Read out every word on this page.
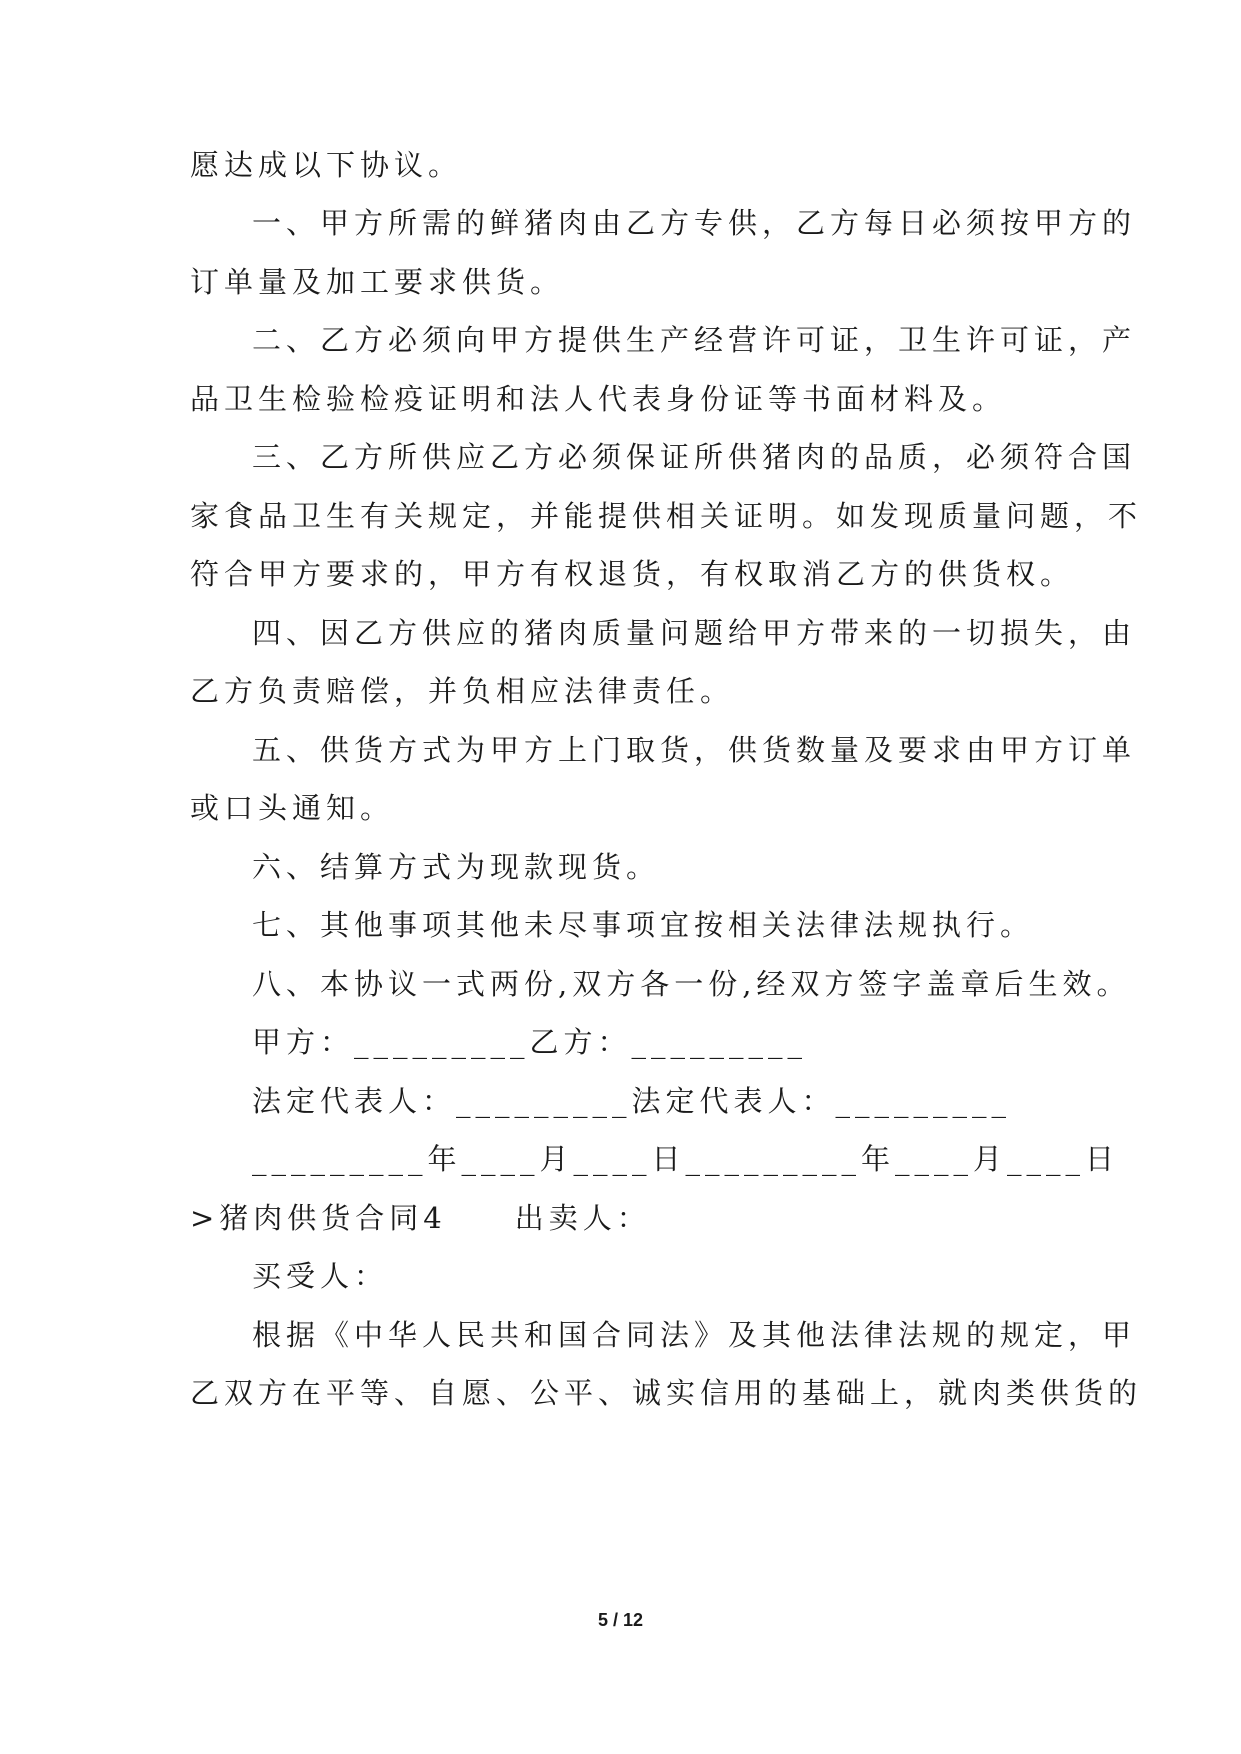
愿达成以下协议。
一、甲方所需的鲜猪肉由乙方专供，乙方每日必须按甲方的
订单量及加工要求供货。
二、乙方必须向甲方提供生产经营许可证，卫生许可证，产
品卫生检验检疫证明和法人代表身份证等书面材料及。
三、乙方所供应乙方必须保证所供猪肉的品质，必须符合国
家食品卫生有关规定，并能提供相关证明。如发现质量问题，不
符合甲方要求的，甲方有权退货，有权取消乙方的供货权。
四、因乙方供应的猪肉质量问题给甲方带来的一切损失，由
乙方负责赔偿，并负相应法律责任。
五、供货方式为甲方上门取货，供货数量及要求由甲方订单
或口头通知。
六、结算方式为现款现货。
七、其他事项其他未尽事项宜按相关法律法规执行。
八、本协议一式两份,双方各一份,经双方签字盖章后生效。
甲方：_________乙方：_________
法定代表人：_________法定代表人：_________
_________年____月____日_________年____月____日
>猪肉供货合同4　　出卖人：
买受人：
根据《中华人民共和国合同法》及其他法律法规的规定，甲
乙双方在平等、自愿、公平、诚实信用的基础上，就肉类供货的
5 / 12
